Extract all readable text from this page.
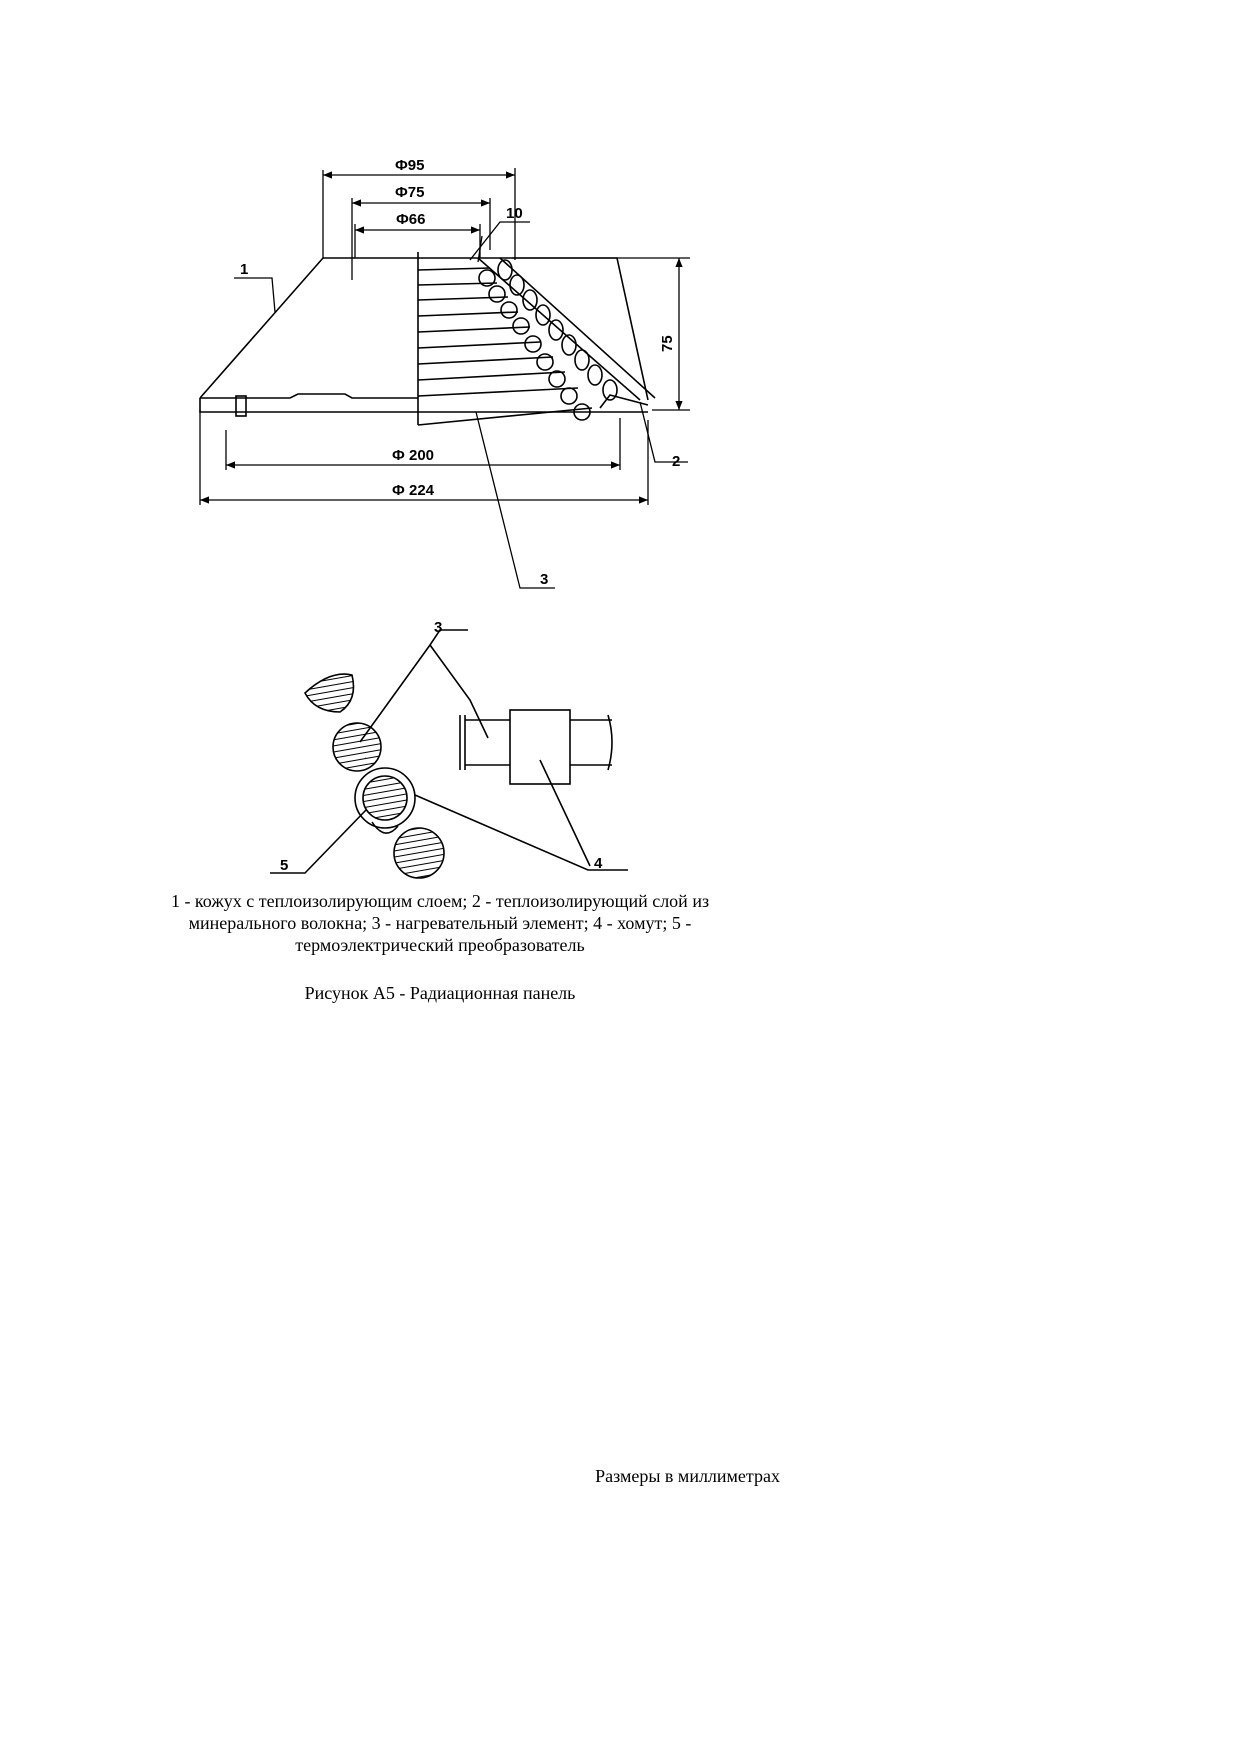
Ф95
Ф75
Ф66
Ф 200
Ф 224
75
1
10
2
3
3
4
5
1 - кожух с теплоизолирующим слоем; 2 - теплоизолирующий слой из
минерального волокна; 3 - нагревательный элемент; 4 - хомут; 5 -
термоэлектрический преобразователь
Рисунок А5 - Радиационная панель
Размеры в миллиметрах
